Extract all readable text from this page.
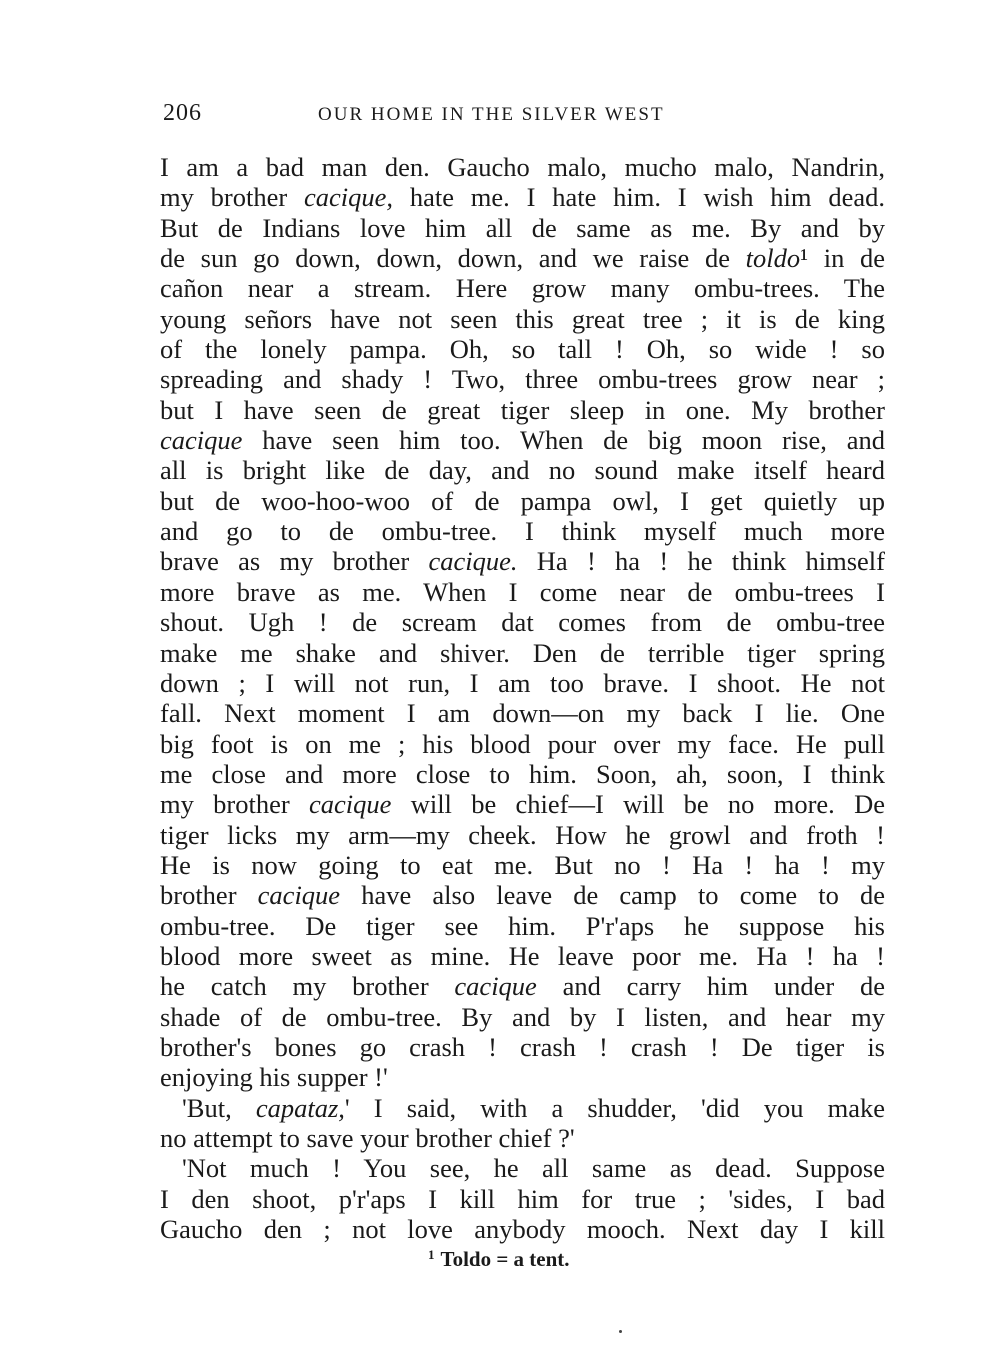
206	OUR HOME IN THE SILVER WEST
I am a bad man den. Gaucho malo, mucho malo, Nandrin,
my brother cacique, hate me. I hate him. I wish him dead.
But de Indians love him all de same as me. By and by
de sun go down, down, down, and we raise de toldo¹ in de
cañon near a stream. Here grow many ombu-trees. The
young señors have not seen this great tree ; it is de king
of the lonely pampa. Oh, so tall ! Oh, so wide ! so
spreading and shady ! Two, three ombu-trees grow near ;
but I have seen de great tiger sleep in one. My brother
cacique have seen him too. When de big moon rise, and
all is bright like de day, and no sound make itself heard
but de woo-hoo-woo of de pampa owl, I get quietly up
and go to de ombu-tree. I think myself much more
brave as my brother cacique. Ha ! ha ! he think himself
more brave as me. When I come near de ombu-trees I
shout. Ugh ! de scream dat comes from de ombu-tree
make me shake and shiver. Den de terrible tiger spring
down ; I will not run, I am too brave. I shoot. He not
fall. Next moment I am down—on my back I lie. One
big foot is on me ; his blood pour over my face. He pull
me close and more close to him. Soon, ah, soon, I think
my brother cacique will be chief—I will be no more. De
tiger licks my arm—my cheek. How he growl and froth !
He is now going to eat me. But no ! Ha ! ha ! my
brother cacique have also leave de camp to come to de
ombu-tree. De tiger see him. P'r'aps he suppose his
blood more sweet as mine. He leave poor me. Ha ! ha !
he catch my brother cacique and carry him under de
shade of de ombu-tree. By and by I listen, and hear my
brother's bones go crash ! crash ! crash ! De tiger is
enjoying his supper !'
'But, capataz,' I said, with a shudder, 'did you make
no attempt to save your brother chief ?'
'Not much ! You see, he all same as dead. Suppose
I den shoot, p'r'aps I kill him for true ; 'sides, I bad
Gaucho den ; not love anybody mooch. Next day I kill
$^1$ Toldo = a tent.
